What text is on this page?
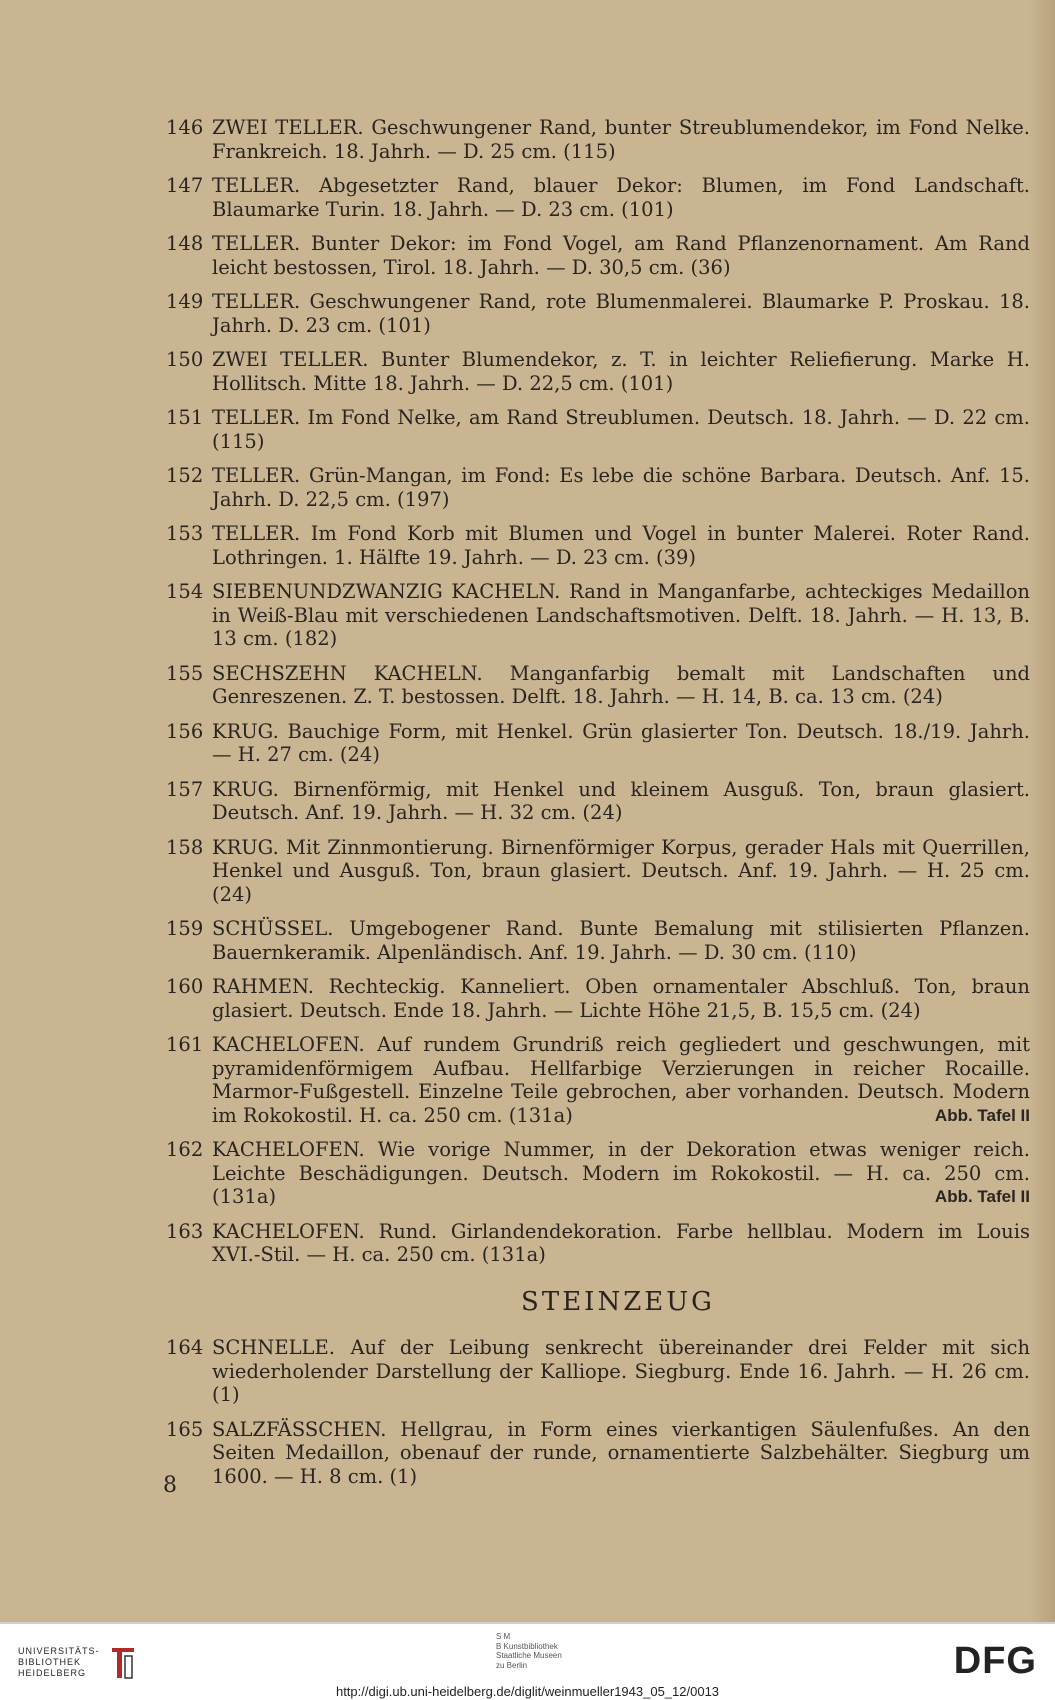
146 ZWEI TELLER. Geschwungener Rand, bunter Streublumendekor, im Fond Nelke. Frankreich. 18. Jahrh. — D. 25 cm. (115)
147 TELLER. Abgesetzter Rand, blauer Dekor: Blumen, im Fond Landschaft. Blaumarke Turin. 18. Jahrh. — D. 23 cm. (101)
148 TELLER. Bunter Dekor: im Fond Vogel, am Rand Pflanzenornament. Am Rand leicht bestossen, Tirol. 18. Jahrh. — D. 30,5 cm. (36)
149 TELLER. Geschwungener Rand, rote Blumenmalerei. Blaumarke P. Proskau. 18. Jahrh. D. 23 cm. (101)
150 ZWEI TELLER. Bunter Blumendekor, z. T. in leichter Reliefierung. Marke H. Hollitsch. Mitte 18. Jahrh. — D. 22,5 cm. (101)
151 TELLER. Im Fond Nelke, am Rand Streublumen. Deutsch. 18. Jahrh. — D. 22 cm. (115)
152 TELLER. Grün-Mangan, im Fond: Es lebe die schöne Barbara. Deutsch. Anf. 15. Jahrh. D. 22,5 cm. (197)
153 TELLER. Im Fond Korb mit Blumen und Vogel in bunter Malerei. Roter Rand. Lothringen. 1. Hälfte 19. Jahrh. — D. 23 cm. (39)
154 SIEBENUNDZWANZIG KACHELN. Rand in Manganfarbe, achteckiges Medaillon in Weiß-Blau mit verschiedenen Landschaftsmotiven. Delft. 18. Jahrh. — H. 13, B. 13 cm. (182)
155 SECHSZEHN KACHELN. Manganfarbig bemalt mit Landschaften und Genreszenen. Z. T. bestossen. Delft. 18. Jahrh. — H. 14, B. ca. 13 cm. (24)
156 KRUG. Bauchige Form, mit Henkel. Grün glasierter Ton. Deutsch. 18./19. Jahrh. — H. 27 cm. (24)
157 KRUG. Birnenförmig, mit Henkel und kleinem Ausguß. Ton, braun glasiert. Deutsch. Anf. 19. Jahrh. — H. 32 cm. (24)
158 KRUG. Mit Zinnmontierung. Birnenförmiger Korpus, gerader Hals mit Querrillen, Henkel und Ausguß. Ton, braun glasiert. Deutsch. Anf. 19. Jahrh. — H. 25 cm. (24)
159 SCHÜSSEL. Umgebogener Rand. Bunte Bemalung mit stilisierten Pflanzen. Bauernkeramik. Alpenländisch. Anf. 19. Jahrh. — D. 30 cm. (110)
160 RAHMEN. Rechteckig. Kanneliert. Oben ornamentaler Abschluß. Ton, braun glasiert. Deutsch. Ende 18. Jahrh. — Lichte Höhe 21,5, B. 15,5 cm. (24)
161 KACHELOFEN. Auf rundem Grundriß reich gegliedert und geschwungen, mit pyramidenförmigem Aufbau. Hellfarbige Verzierungen in reicher Rocaille. Marmor-Fußgestell. Einzelne Teile gebrochen, aber vorhanden. Deutsch. Modern im Rokokostil. H. ca. 250 cm. (131a)	Abb. Tafel II
162 KACHELOFEN. Wie vorige Nummer, in der Dekoration etwas weniger reich. Leichte Beschädigungen. Deutsch. Modern im Rokokostil. — H. ca. 250 cm. (131a)	Abb. Tafel II
163 KACHELOFEN. Rund. Girlandendekoration. Farbe hellblau. Modern im Louis XVI.-Stil. — H. ca. 250 cm. (131a)
STEINZEUG
164 SCHNELLE. Auf der Leibung senkrecht übereinander drei Felder mit sich wiederholender Darstellung der Kalliope. Siegburg. Ende 16. Jahrh. — H. 26 cm. (1)
165 SALZFÄSSCHEN. Hellgrau, in Form eines vierkantigen Säulenfußes. An den Seiten Medaillon, obenauf der runde, ornamentierte Salzbehälter. Siegburg um 1600. — H. 8 cm. (1)
8
UNIVERSITÄTS-
BIBLIOTHEK
HEIDELBERG
S M
B Kunstbibliothek
Staatliche Museen
zu Berlin	DFG
http://digi.ub.uni-heidelberg.de/diglit/weinmueller1943_05_12/0013
